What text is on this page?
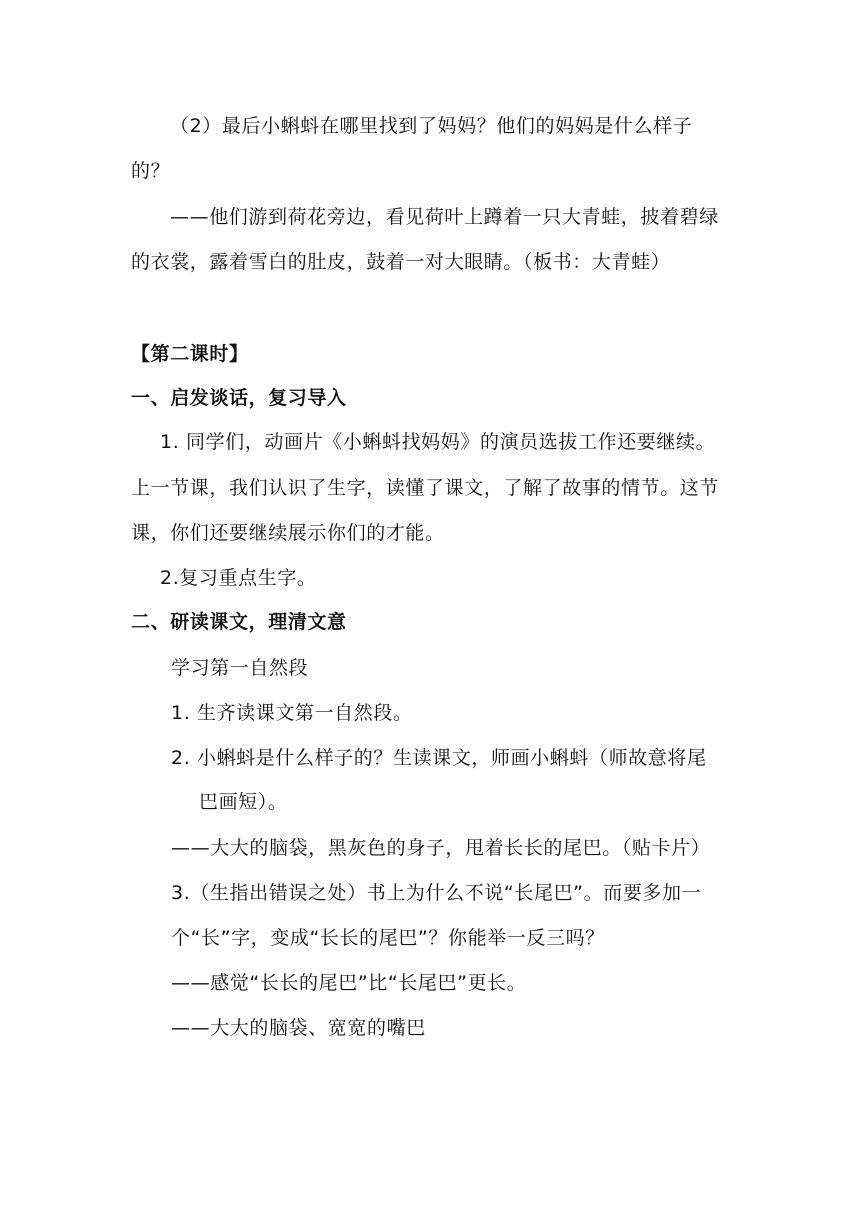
（2）最后小蝌蚪在哪里找到了妈妈？他们的妈妈是什么样子
的？
——他们游到荷花旁边，看见荷叶上蹲着一只大青蛙，披着碧绿
的衣裳，露着雪白的肚皮，鼓着一对大眼睛。（板书：大青蛙）
【第二课时】
一、启发谈话，复习导入
1. 同学们，动画片《小蝌蚪找妈妈》的演员选拔工作还要继续。
上一节课，我们认识了生字，读懂了课文，了解了故事的情节。这节
课，你们还要继续展示你们的才能。
2.复习重点生字。
二、研读课文，理清文意
学习第一自然段
1. 生齐读课文第一自然段。
2. 小蝌蚪是什么样子的？生读课文，师画小蝌蚪（师故意将尾
巴画短）。
——大大的脑袋，黑灰色的身子，甩着长长的尾巴。（贴卡片）
3.（生指出错误之处）书上为什么不说“长尾巴”。而要多加一
个“长”字，变成“长长的尾巴”？你能举一反三吗？
——感觉“长长的尾巴”比“长尾巴”更长。
——大大的脑袋、宽宽的嘴巴
